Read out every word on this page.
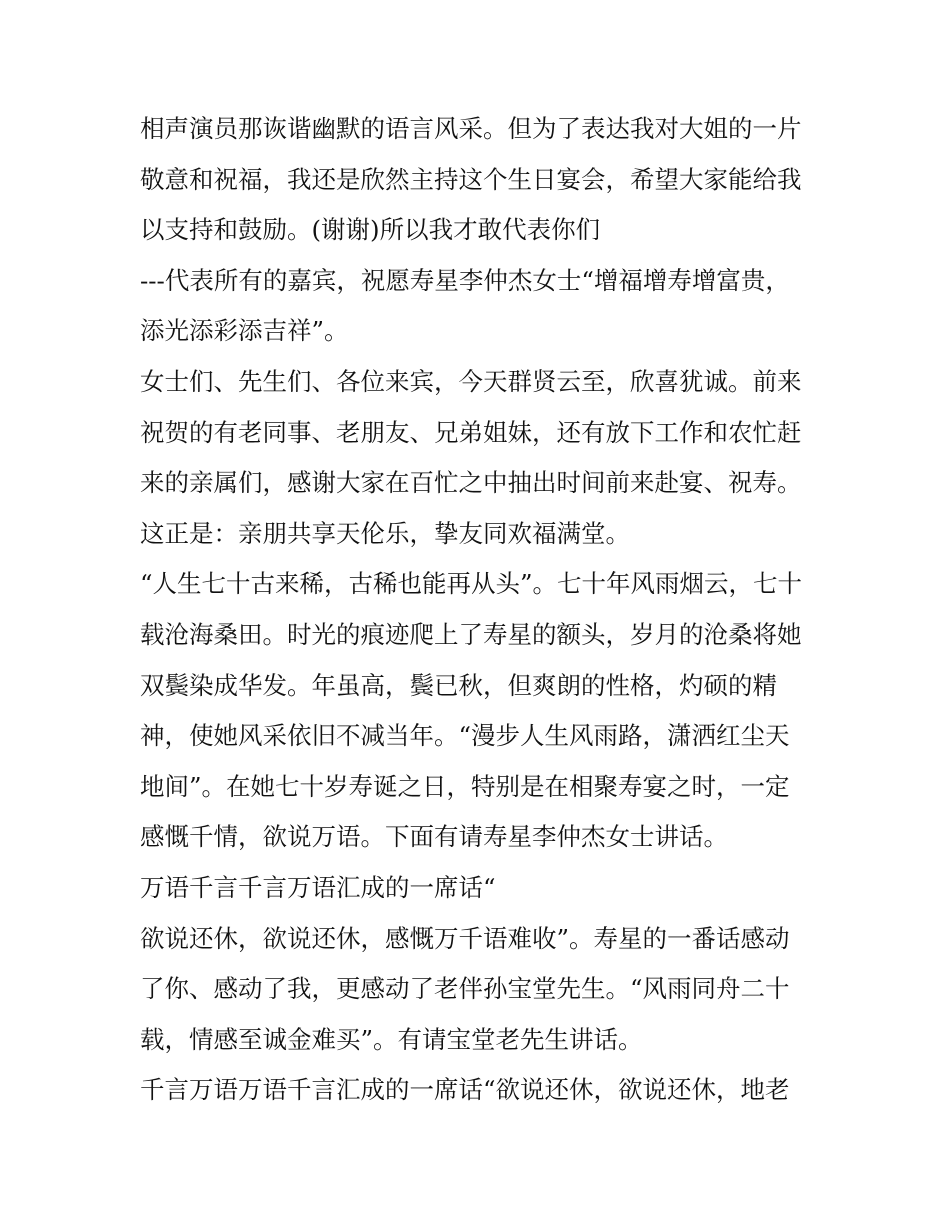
相声演员那诙谐幽默的语言风采。但为了表达我对大姐的一片
敬意和祝福，我还是欣然主持这个生日宴会，希望大家能给我
以支持和鼓励。(谢谢)所以我才敢代表你们
---代表所有的嘉宾，祝愿寿星李仲杰女士“增福增寿增富贵，
添光添彩添吉祥”。
女士们、先生们、各位来宾，今天群贤云至，欣喜犹诚。前来
祝贺的有老同事、老朋友、兄弟姐妹，还有放下工作和农忙赶
来的亲属们，感谢大家在百忙之中抽出时间前来赴宴、祝寿。
这正是：亲朋共享天伦乐，挚友同欢福满堂。
“人生七十古来稀，古稀也能再从头”。七十年风雨烟云，七十
载沧海桑田。时光的痕迹爬上了寿星的额头，岁月的沧桑将她
双鬓染成华发。年虽高，鬓已秋，但爽朗的性格，灼硕的精
神，使她风采依旧不减当年。“漫步人生风雨路，潇洒红尘天
地间”。在她七十岁寿诞之日，特别是在相聚寿宴之时，一定
感慨千情，欲说万语。下面有请寿星李仲杰女士讲话。
万语千言千言万语汇成的一席话“
欲说还休，欲说还休，感慨万千语难收”。寿星的一番话感动
了你、感动了我，更感动了老伴孙宝堂先生。“风雨同舟二十
载，情感至诚金难买”。有请宝堂老先生讲话。
千言万语万语千言汇成的一席话“欲说还休，欲说还休，地老
